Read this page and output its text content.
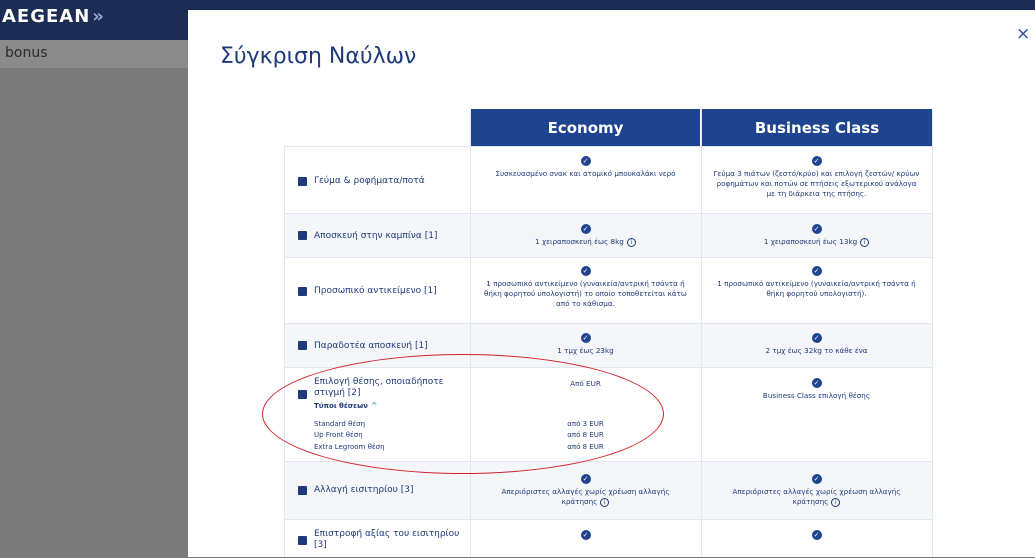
AEGEAN »
bonus
×
Σύγκριση Ναύλων
Economy	Business Class
Γεύμα & ροφήματα/ποτά
✓
Συσκευασμένο σνακ και ατομικό μπουκαλάκι νερό
✓
Γεύμα 3 πιάτων (ζεστό/κρύο) και επιλογή ζεστών/ κρύων ροφημάτων και ποτών σε πτήσεις εξωτερικού ανάλογα με τη διάρκεια της πτήσης.
Αποσκευή στην καμπίνα [1]
✓
1 χειραποσκευή έως 8kg i
✓
1 χειραποσκευή έως 13kg i
Προσωπικό αντικείμενο [1]
✓
1 προσωπικό αντικείμενο (γυναικεία/αντρική τσάντα ή θήκη φορητού υπολογιστή) το οποίο τοποθετείται κάτω από το κάθισμα.
✓
1 προσωπικό αντικείμενο (γυναικεία/αντρική τσάντα ή θήκη φορητού υπολογιστή).
Παραδοτέα αποσκευή [1]
✓
1 τμχ έως 23kg
✓
2 τμχ έως 32kg το κάθε ένα
Επιλογή θέσης, οποιαδήποτε στιγμή [2]
Τύποι θέσεων ^
Standard θέση
Up Front θέση
Extra Legroom θέση
Από EUR
από 3 EUR
από 8 EUR
από 8 EUR
✓
Business Class επιλογή θέσης
Αλλαγή εισιτηρίου [3]
✓
Απεριόριστες αλλαγές χωρίς χρέωση αλλαγής κράτησης i
✓
Απεριόριστες αλλαγές χωρίς χρέωση αλλαγής κράτησης i
Επιστροφή αξίας του εισιτηρίου [3]
✓	✓
